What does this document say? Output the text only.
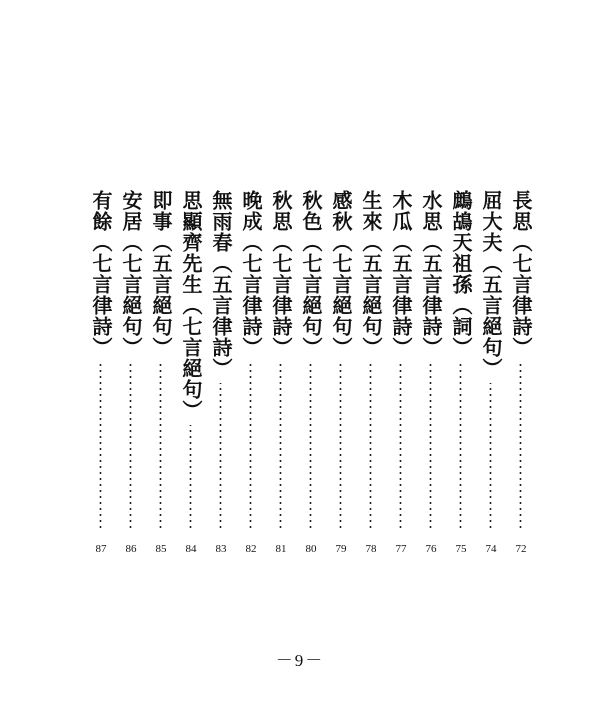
長思（七言律詩）
72
屈大夫（五言絕句）
74
鷓鴣天祖孫（詞）
75
水思（五言律詩）
76
木瓜（五言律詩）
77
生來（五言絕句）
78
感秋（七言絕句）
79
秋色（七言絕句）
80
秋思（七言律詩）
81
晚成（七言律詩）
82
無雨春（五言律詩）
83
思顯齊先生（七言絕句）
84
即事（五言絕句）
85
安居（七言絕句）
86
有餘（七言律詩）
87
－9－
